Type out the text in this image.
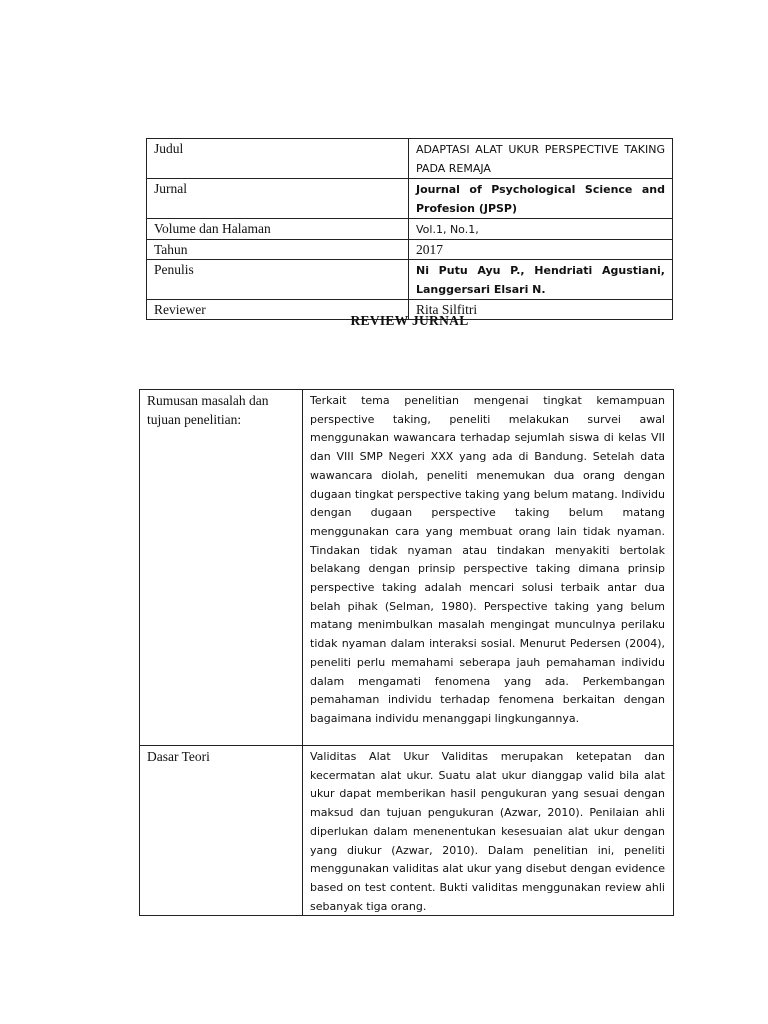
Judul	ADAPTASI ALAT UKUR PERSPECTIVE TAKING PADA REMAJA
Jurnal	Journal of Psychological Science and Profesion (JPSP)
Volume dan Halaman	Vol.1, No.1,
Tahun	2017
Penulis	Ni Putu Ayu P., Hendriati Agustiani, Langgersari Elsari N.
Reviewer	Rita Silfitri
REVIEW JURNAL
Rumusan masalah dan tujuan penelitian:	Terkait tema penelitian mengenai tingkat kemampuan perspective taking, peneliti melakukan survei awal menggunakan wawancara terhadap sejumlah siswa di kelas VII dan VIII SMP Negeri XXX yang ada di Bandung. Setelah data wawancara diolah, peneliti menemukan dua orang dengan dugaan tingkat perspective taking yang belum matang. Individu dengan dugaan perspective taking belum matang menggunakan cara yang membuat orang lain tidak nyaman. Tindakan tidak nyaman atau tindakan menyakiti bertolak belakang dengan prinsip perspective taking dimana prinsip perspective taking adalah mencari solusi terbaik antar dua belah pihak (Selman, 1980). Perspective taking yang belum matang menimbulkan masalah mengingat munculnya perilaku tidak nyaman dalam interaksi sosial. Menurut Pedersen (2004), peneliti perlu memahami seberapa jauh pemahaman individu dalam mengamati fenomena yang ada. Perkembangan pemahaman individu terhadap fenomena berkaitan dengan bagaimana individu menanggapi lingkungannya.
Dasar Teori	Validitas Alat Ukur Validitas merupakan ketepatan dan kecermatan alat ukur. Suatu alat ukur dianggap valid bila alat ukur dapat memberikan hasil pengukuran yang sesuai dengan maksud dan tujuan pengukuran (Azwar, 2010). Penilaian ahli diperlukan dalam menenentukan kesesuaian alat ukur dengan yang diukur (Azwar, 2010). Dalam penelitian ini, peneliti menggunakan validitas alat ukur yang disebut dengan evidence based on test content. Bukti validitas menggunakan review ahli sebanyak tiga orang.
